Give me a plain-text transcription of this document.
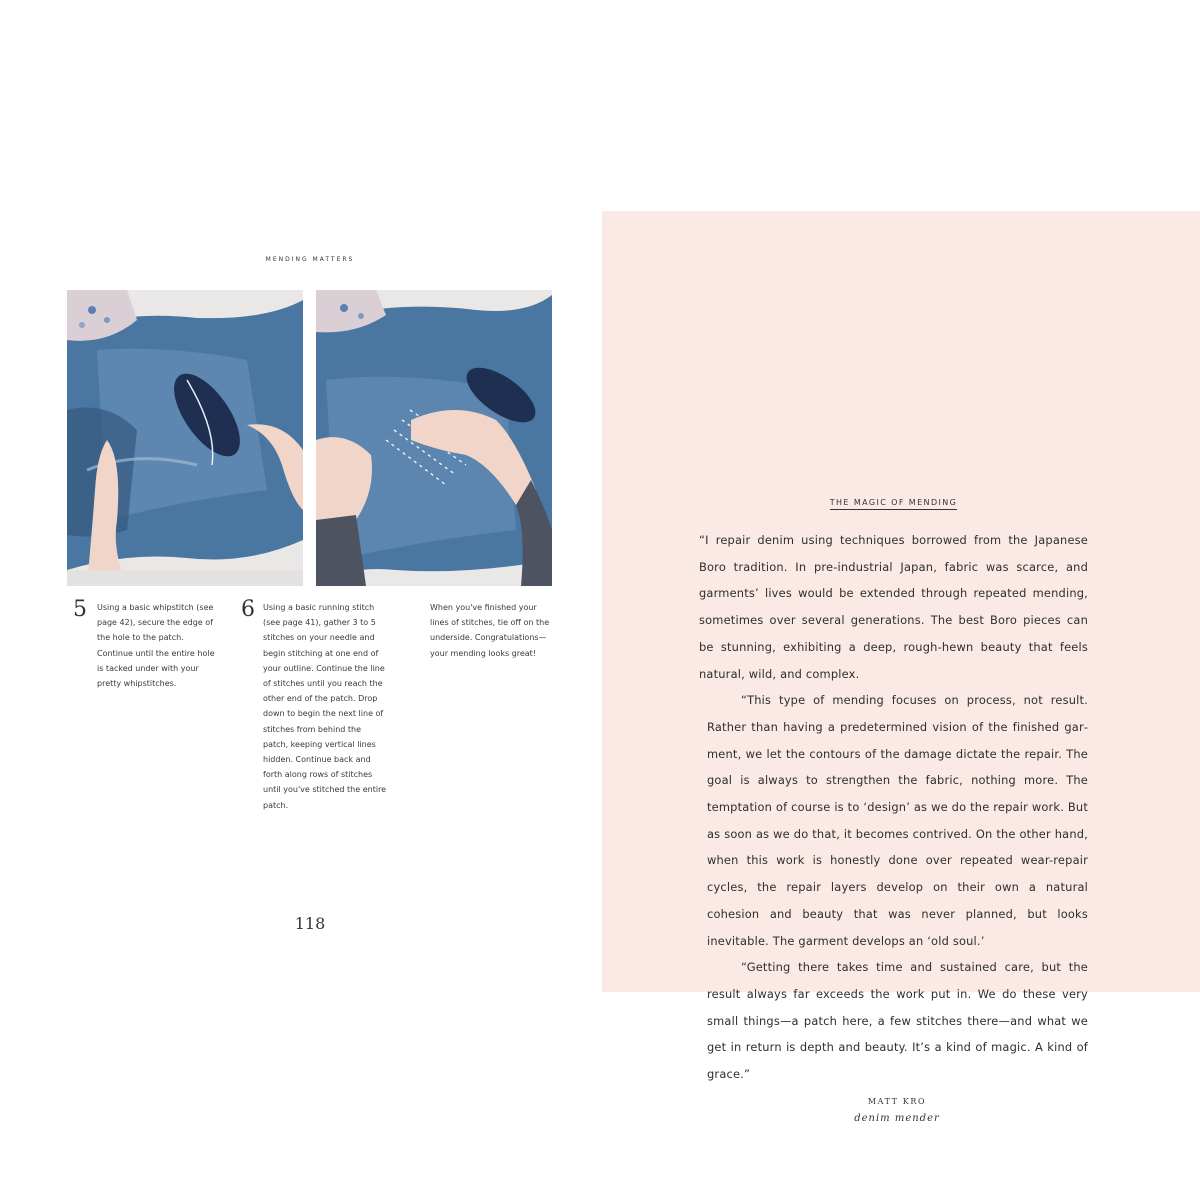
MENDING MATTERS
5 Using a basic whipstitch (see page 42), secure the edge of the hole to the patch. Continue until the entire hole is tacked under with your pretty whipstitches.
6 Using a basic running stitch (see page 41), gather 3 to 5 stitches on your needle and begin stitching at one end of your outline. Continue the line of stitches until you reach the other end of the patch. Drop down to begin the next line of stitches from behind the patch, keeping vertical lines hidden. Continue back and forth along rows of stitches until you've stitched the entire patch.
When you've finished your lines of stitches, tie off on the underside. Congratulations—your mending looks great!
118
THE MAGIC OF MENDING

“I repair denim using techniques borrowed from the Japanese Boro tradition. In pre-industrial Japan, fabric was scarce, and garments’ lives would be extended through repeated mending, sometimes over several generations. The best Boro pieces can be stunning, exhibiting a deep, rough-hewn beauty that feels natural, wild, and complex.

“This type of mending focuses on process, not result. Rather than having a predetermined vision of the finished garment, we let the contours of the damage dictate the repair. The goal is always to strengthen the fabric, nothing more. The temptation of course is to ‘design’ as we do the repair work. But as soon as we do that, it becomes contrived. On the other hand, when this work is honestly done over repeated wear-repair cycles, the repair layers develop on their own a natural cohesion and beauty that was never planned, but looks inevitable. The garment develops an ‘old soul.’

“Getting there takes time and sustained care, but the result always far exceeds the work put in. We do these very small things—a patch here, a few stitches there—and what we get in return is depth and beauty. It’s a kind of magic. A kind of grace.”

MATT KRO
denim mender
